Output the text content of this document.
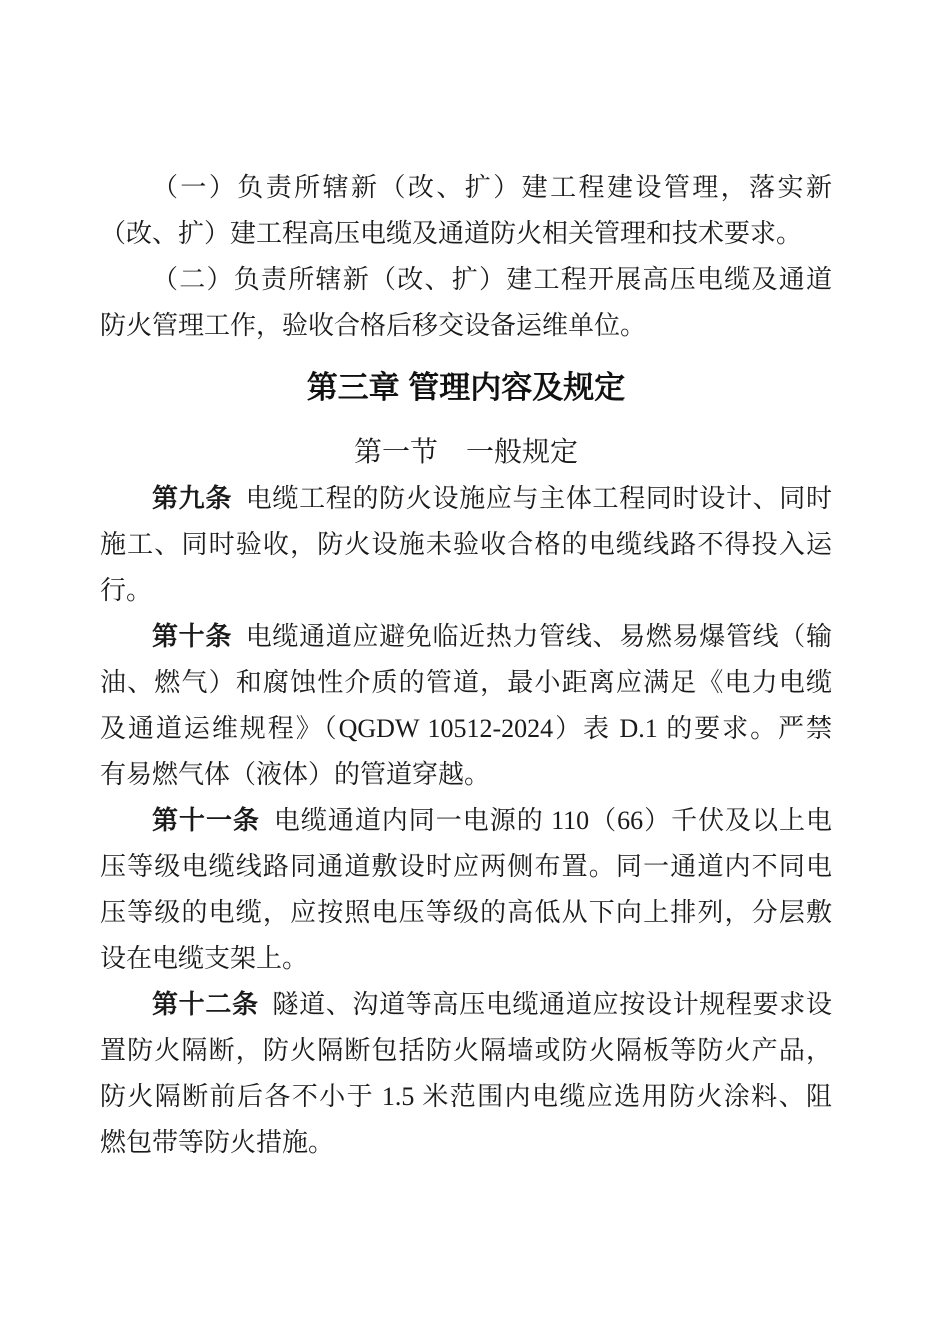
（一）负责所辖新（改、扩）建工程建设管理，落实新
（改、扩）建工程高压电缆及通道防火相关管理和技术要求。

（二）负责所辖新（改、扩）建工程开展高压电缆及通道
防火管理工作，验收合格后移交设备运维单位。

第三章 管理内容及规定
第一节　一般规定

第九条 电缆工程的防火设施应与主体工程同时设计、同时
施工、同时验收，防火设施未验收合格的电缆线路不得投入运
行。

第十条 电缆通道应避免临近热力管线、易燃易爆管线（输
油、燃气）和腐蚀性介质的管道，最小距离应满足《电力电缆
及通道运维规程》（QGDW 10512-2024）表 D.1 的要求。严禁
有易燃气体（液体）的管道穿越。

第十一条 电缆通道内同一电源的 110（66）千伏及以上电
压等级电缆线路同通道敷设时应两侧布置。同一通道内不同电
压等级的电缆，应按照电压等级的高低从下向上排列，分层敷
设在电缆支架上。

第十二条 隧道、沟道等高压电缆通道应按设计规程要求设
置防火隔断，防火隔断包括防火隔墙或防火隔板等防火产品，
防火隔断前后各不小于 1.5 米范围内电缆应选用防火涂料、阻
燃包带等防火措施。
